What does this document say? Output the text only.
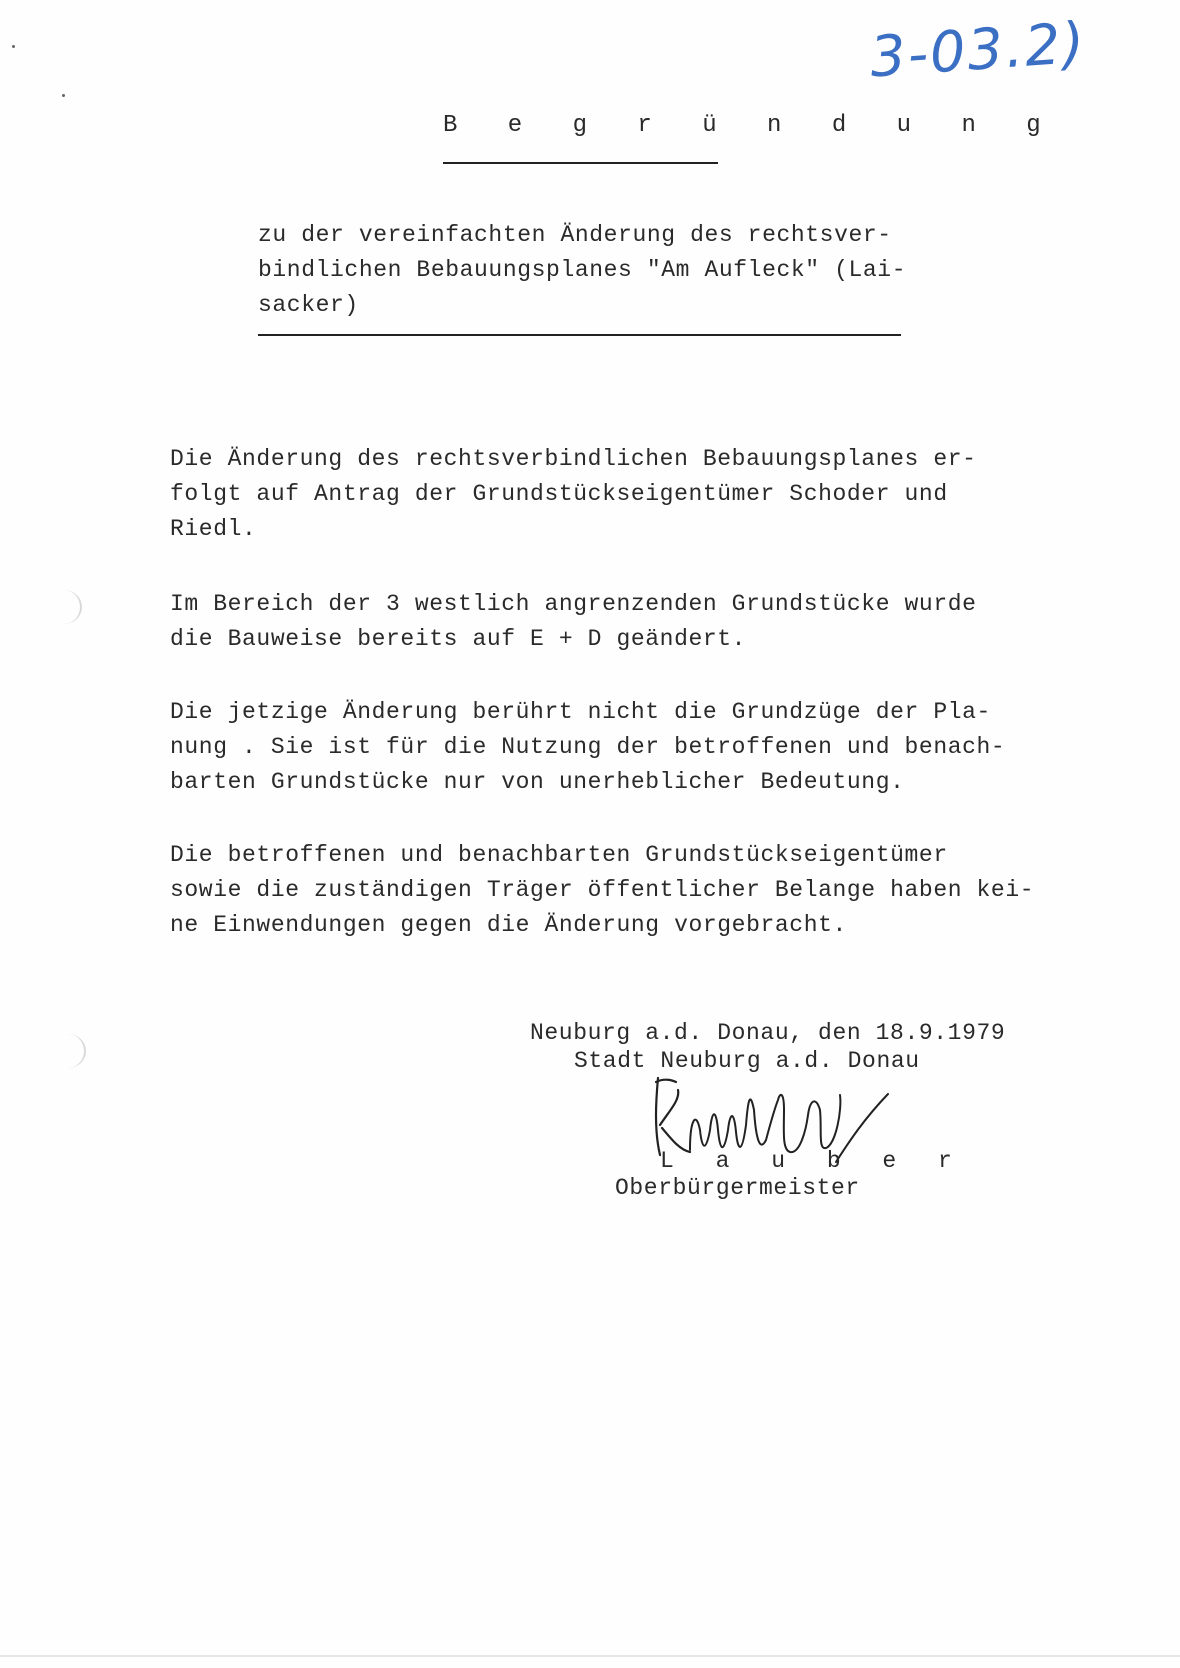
3-03.2)
B e g r ü n d u n g
zu der vereinfachten Änderung des rechtsver-
bindlichen Bebauungsplanes "Am Aufleck" (Lai-
sacker)
Die Änderung des rechtsverbindlichen Bebauungsplanes er-
folgt auf Antrag der Grundstückseigentümer Schoder und
Riedl.
Im Bereich der 3 westlich angrenzenden Grundstücke wurde
die Bauweise bereits auf E + D geändert.
Die jetzige Änderung berührt nicht die Grundzüge der Pla-
nung . Sie ist für die Nutzung der betroffenen und benach-
barten Grundstücke nur von unerheblicher Bedeutung.
Die betroffenen und benachbarten Grundstückseigentümer
sowie die zuständigen Träger öffentlicher Belange haben kei-
ne Einwendungen gegen die Änderung vorgebracht.
Neuburg a.d. Donau, den 18.9.1979
Stadt Neuburg a.d. Donau
L a u b e r
Oberbürgermeister
